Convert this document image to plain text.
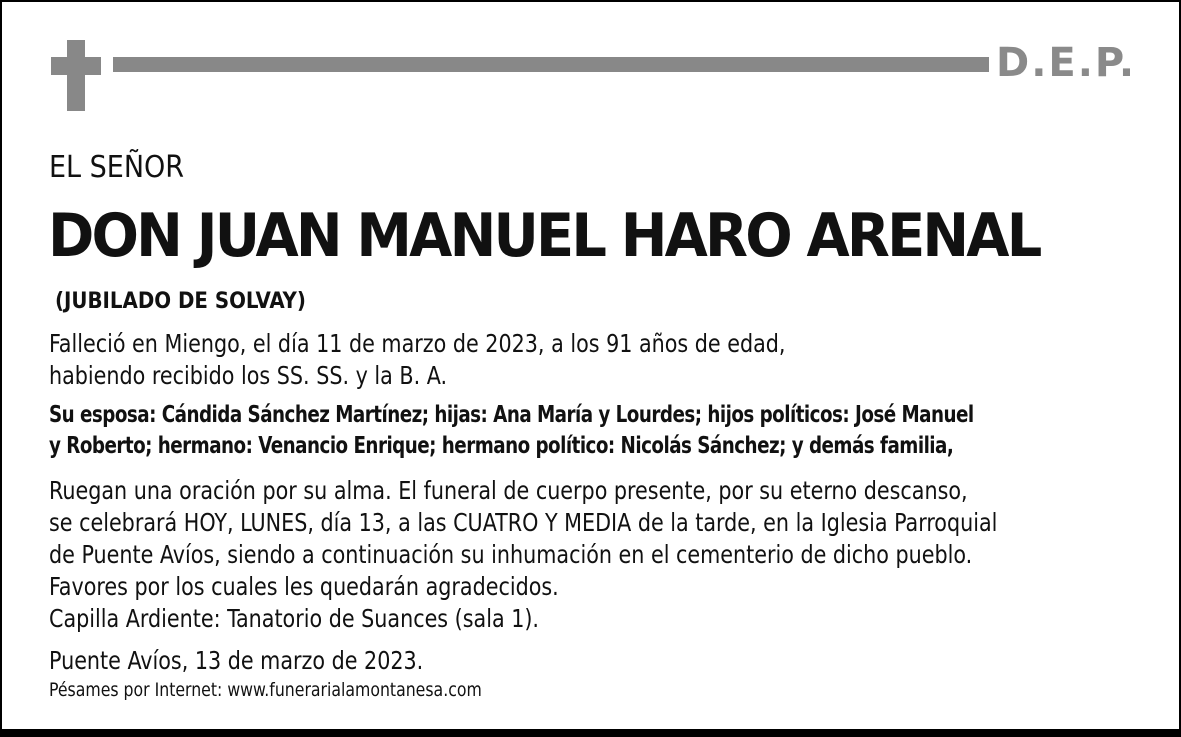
D.E.P.
EL SEÑOR
DON JUAN MANUEL HARO ARENAL
(JUBILADO DE SOLVAY)
Falleció en Miengo, el día 11 de marzo de 2023, a los 91 años de edad,
habiendo recibido los SS. SS. y la B. A.
Su esposa: Cándida Sánchez Martínez; hijas: Ana María y Lourdes; hijos políticos: José Manuel
y Roberto; hermano: Venancio Enrique; hermano político: Nicolás Sánchez; y demás familia,
Ruegan una oración por su alma. El funeral de cuerpo presente, por su eterno descanso,
se celebrará HOY, LUNES, día 13, a las CUATRO Y MEDIA de la tarde, en la Iglesia Parroquial
de Puente Avíos, siendo a continuación su inhumación en el cementerio de dicho pueblo.
Favores por los cuales les quedarán agradecidos.
Capilla Ardiente: Tanatorio de Suances (sala 1).
Puente Avíos, 13 de marzo de 2023.
Pésames por Internet: www.funerarialamontanesa.com
